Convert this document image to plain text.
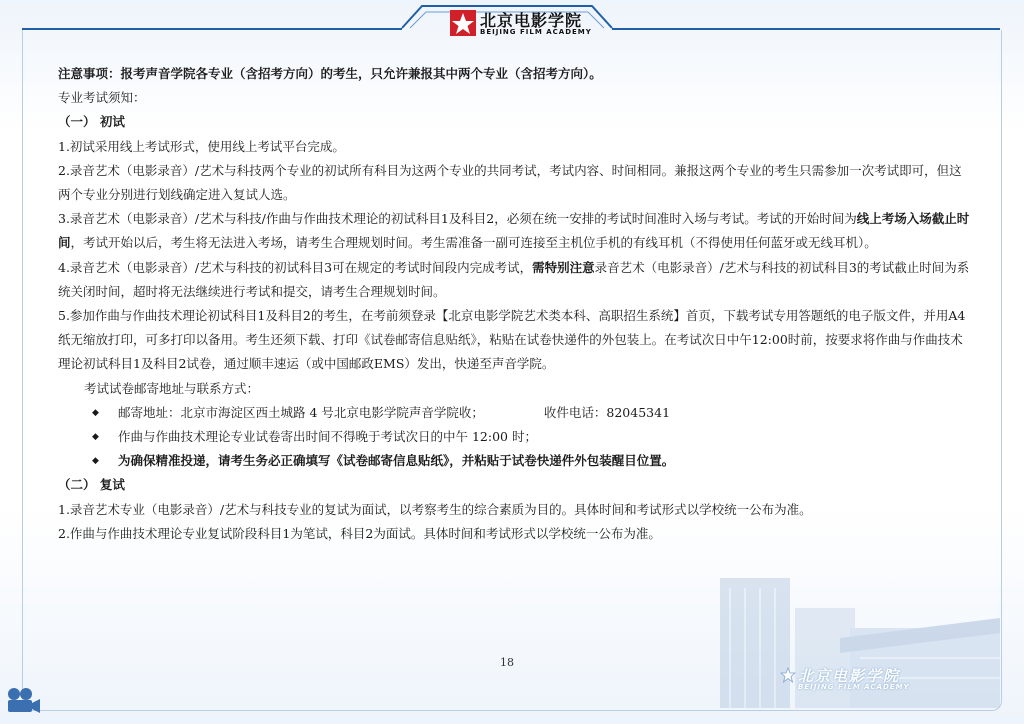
北京电影学院
BEIJING FILM ACADEMY

注意事项：报考声音学院各专业（含招考方向）的考生，只允许兼报其中两个专业（含招考方向）。

专业考试须知：

（一） 初试

1.初试采用线上考试形式，使用线上考试平台完成。

2.录音艺术（电影录音）/艺术与科技两个专业的初试所有科目为这两个专业的共同考试，考试内容、时间相同。兼报这两个专业的考生只需参加一次考试即可，但这两个专业分别进行划线确定进入复试人选。

3.录音艺术（电影录音）/艺术与科技/作曲与作曲技术理论的初试科目1及科目2，必须在统一安排的考试时间准时入场与考试。考试的开始时间为线上考场入场截止时间，考试开始以后，考生将无法进入考场，请考生合理规划时间。考生需准备一副可连接至主机位手机的有线耳机（不得使用任何蓝牙或无线耳机）。

4.录音艺术（电影录音）/艺术与科技的初试科目3可在规定的考试时间段内完成考试，需特别注意录音艺术（电影录音）/艺术与科技的初试科目3的考试截止时间为系统关闭时间，超时将无法继续进行考试和提交，请考生合理规划时间。

5.参加作曲与作曲技术理论初试科目1及科目2的考生，在考前须登录【北京电影学院艺术类本科、高职招生系统】首页，下载考试专用答题纸的电子版文件，并用A4纸无缩放打印，可多打印以备用。考生还须下载、打印《试卷邮寄信息贴纸》，粘贴在试卷快递件的外包装上。在考试次日中午12:00时前，按要求将作曲与作曲技术理论初试科目1及科目2试卷，通过顺丰速运（或中国邮政EMS）发出，快递至声音学院。

考试试卷邮寄地址与联系方式：

◆ 邮寄地址：北京市海淀区西土城路 4 号北京电影学院声音学院收；	收件电话：82045341

◆ 作曲与作曲技术理论专业试卷寄出时间不得晚于考试次日的中午 12:00 时；

◆ 为确保精准投递，请考生务必正确填写《试卷邮寄信息贴纸》，并粘贴于试卷快递件外包装醒目位置。

（二） 复试

1.录音艺术专业（电影录音）/艺术与科技专业的复试为面试，以考察考生的综合素质为目的。具体时间和考试形式以学校统一公布为准。

2.作曲与作曲技术理论专业复试阶段科目1为笔试，科目2为面试。具体时间和考试形式以学校统一公布为准。

18
北京电影学院
BEIJING FILM ACADEMY
